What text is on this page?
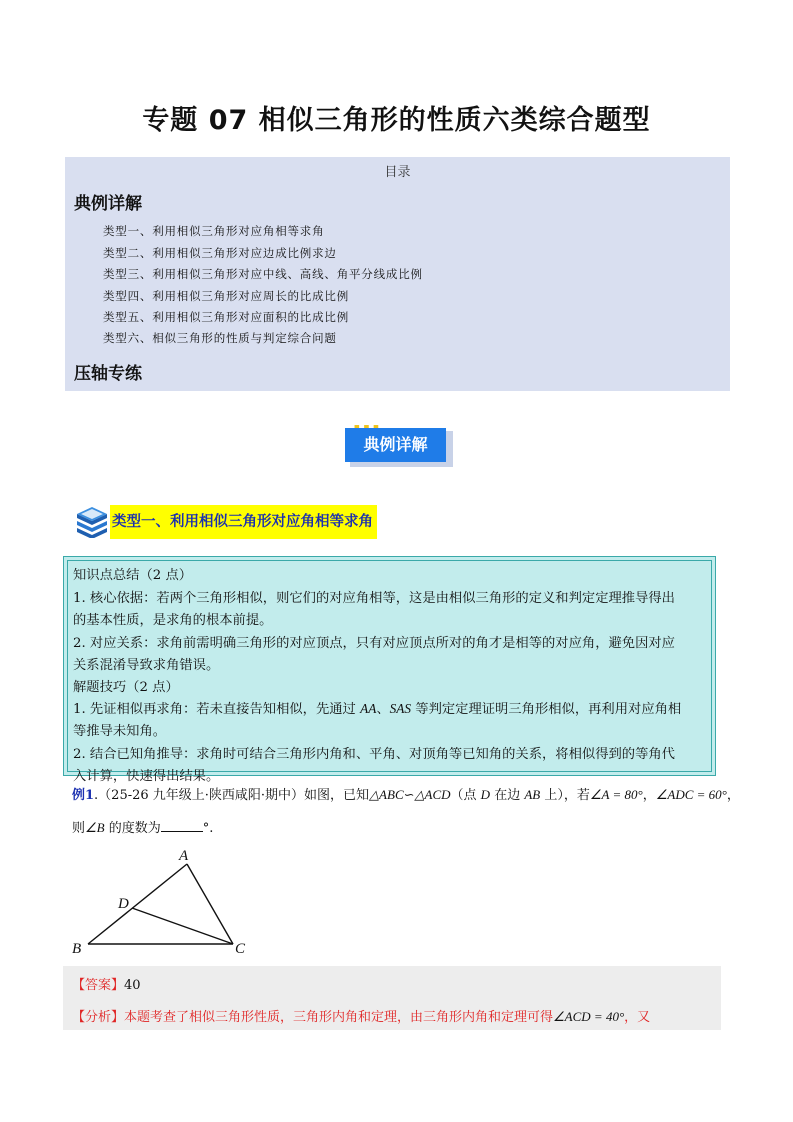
专题 07 相似三角形的性质六类综合题型
目录
典例详解
类型一、利用相似三角形对应角相等求角
类型二、利用相似三角形对应边成比例求边
类型三、利用相似三角形对应中线、高线、角平分线成比例
类型四、利用相似三角形对应周长的比成比例
类型五、利用相似三角形对应面积的比成比例
类型六、相似三角形的性质与判定综合问题
压轴专练
典例详解
类型一、利用相似三角形对应角相等求角
知识点总结（2 点）
1. 核心依据：若两个三角形相似，则它们的对应角相等，这是由相似三角形的定义和判定定理推导得出
的基本性质，是求角的根本前提。
2. 对应关系：求角前需明确三角形的对应顶点，只有对应顶点所对的角才是相等的对应角，避免因对应
关系混淆导致求角错误。
解题技巧（2 点）
1. 先证相似再求角：若未直接告知相似，先通过 AA、SAS 等判定定理证明三角形相似，再利用对应角相
等推导未知角。
2. 结合已知角推导：求角时可结合三角形内角和、平角、对顶角等已知角的关系，将相似得到的等角代
入计算，快速得出结果。
例1.（25-26 九年级上·陕西咸阳·期中）如图，已知△ABC∽△ACD（点 D 在边 AB 上），若∠A = 80°，∠ADC = 60°，
则∠B 的度数为	°.
A
D
B	C
【答案】40
【分析】本题考查了相似三角形性质，三角形内角和定理，由三角形内角和定理可得∠ACD = 40°，又
